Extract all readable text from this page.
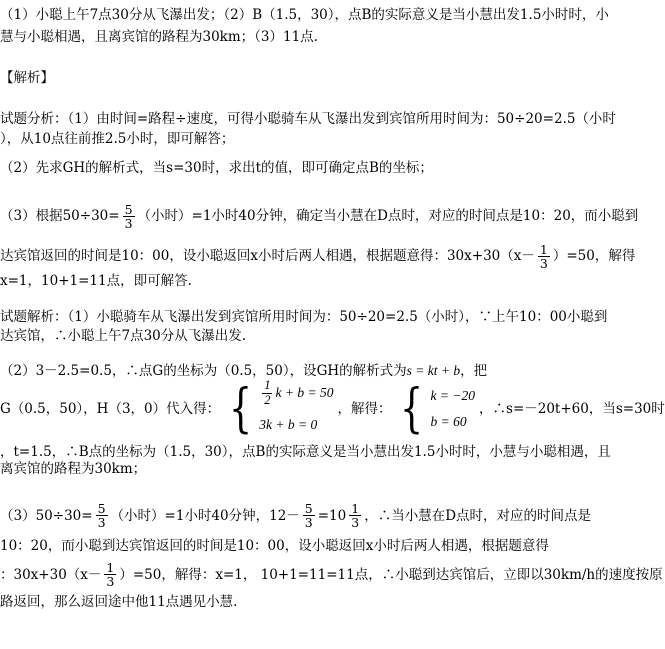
（1）小聪上午7点30分从飞瀑出发；（2）B（1.5，30），点B的实际意义是当小慧出发1.5小时时，小
慧与小聪相遇，且离宾馆的路程为30km；（3）11点.
【解析】
试题分析：（1）由时间=路程÷速度，可得小聪骑车从飞瀑出发到宾馆所用时间为：50÷20=2.5（小时
），从10点往前推2.5小时，即可解答；
（2）先求GH的解析式，当s=30时，求出t的值，即可确定点B的坐标；
（3）根据$50\div 30= \frac{5}{3}$ （小时）=1小时40分钟，确定当小慧在D点时，对应的时间点是10：20，而小聪到
达宾馆返回的时间是10：00，设小聪返回x小时后两人相遇，根据题意得：$30x+30(x- \frac{1}{3} )=50$，解得
x=1，10+1=11点，即可解答.
试题解析：（1）小聪骑车从飞瀑出发到宾馆所用时间为：50÷20=2.5（小时），∵上午10：00小聪到
达宾馆，∴小聪上午7点30分从飞瀑出发.
（2）3－2.5=0.5，∴点G的坐标为（0.5，50），设GH的解析式为s = kt + b，把
G（0.5，50），H（3，0）代入得： { $\frac{1}{2}$ k + b = 50
3k + b = 0
，解得： { k = −20
b = 60
，∴s=－20t+60，当s=30时
，t=1.5，∴B点的坐标为（1.5，30），点B的实际意义是当小慧出发1.5小时时，小慧与小聪相遇，且
离宾馆的路程为30km；
$(3)50\div 30= \frac{5}{3}$ （小时）=1小时40分钟，$12- \frac{5}{3} =10 \frac{1}{3}$ ，∴当小慧在D点时，对应的时间点是
10：20，而小聪到达宾馆返回的时间是10：00，设小聪返回x小时后两人相遇，根据题意得
：$30x+30(x- \frac{1}{3} )=50$，解得：x=1， 10+1=11=11点，∴小聪到达宾馆后，立即以30km/h的速度按原
路返回，那么返回途中他11点遇见小慧.
